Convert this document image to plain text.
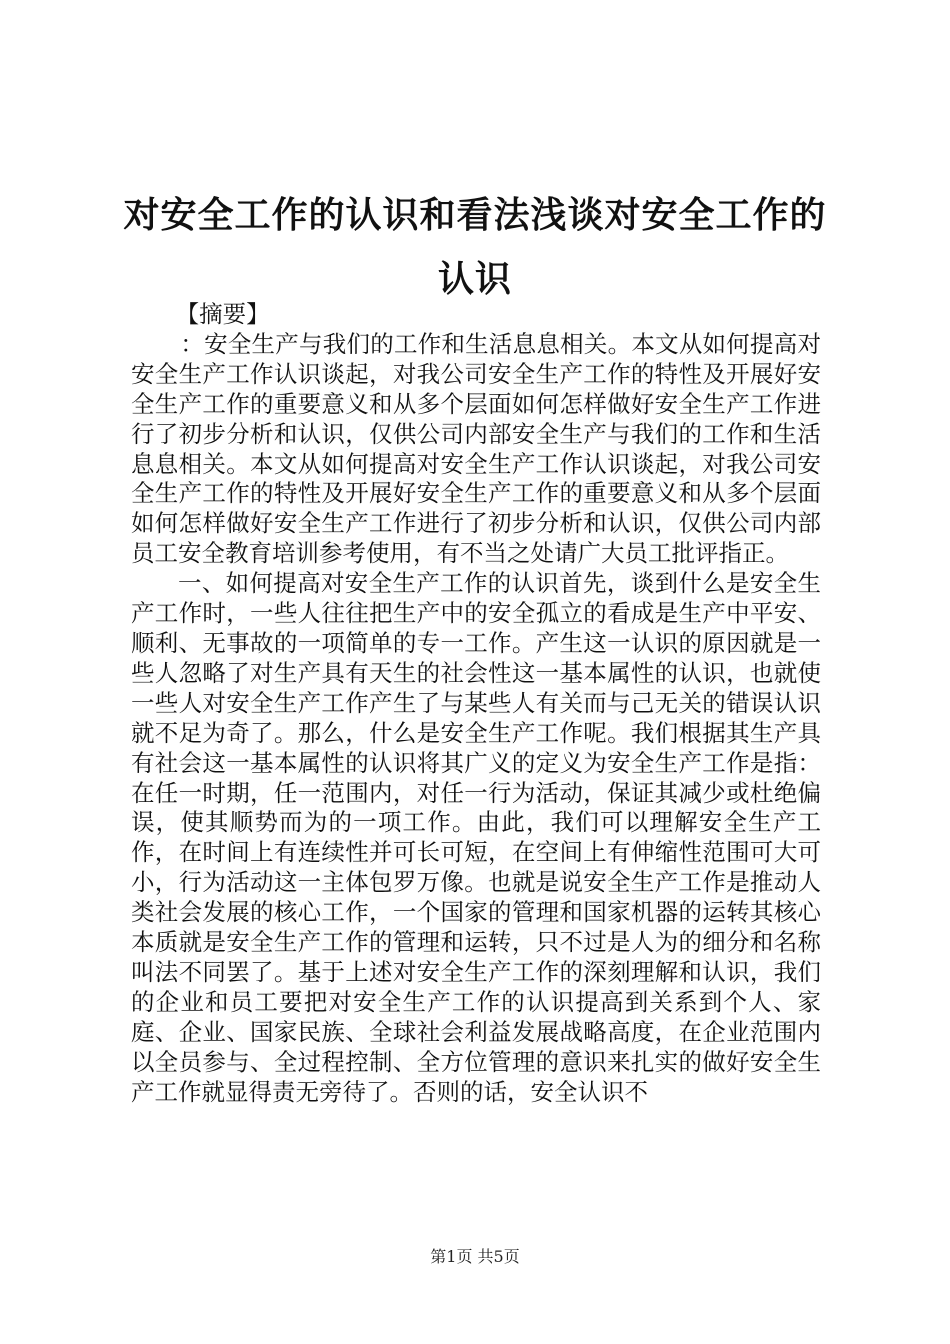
对安全工作的认识和看法浅谈对安全工作的认识

【摘要】

：安全生产与我们的工作和生活息息相关。本文从如何提高对安全生产工作认识谈起，对我公司安全生产工作的特性及开展好安全生产工作的重要意义和从多个层面如何怎样做好安全生产工作进行了初步分析和认识，仅供公司内部安全生产与我们的工作和生活息息相关。本文从如何提高对安全生产工作认识谈起，对我公司安全生产工作的特性及开展好安全生产工作的重要意义和从多个层面如何怎样做好安全生产工作进行了初步分析和认识，仅供公司内部员工安全教育培训参考使用，有不当之处请广大员工批评指正。

一、如何提高对安全生产工作的认识首先，谈到什么是安全生产工作时，一些人往往把生产中的安全孤立的看成是生产中平安、顺利、无事故的一项简单的专一工作。产生这一认识的原因就是一些人忽略了对生产具有天生的社会性这一基本属性的认识，也就使一些人对安全生产工作产生了与某些人有关而与己无关的错误认识就不足为奇了。那么，什么是安全生产工作呢。我们根据其生产具有社会这一基本属性的认识将其广义的定义为安全生产工作是指：在任一时期，任一范围内，对任一行为活动，保证其减少或杜绝偏误，使其顺势而为的一项工作。由此，我们可以理解安全生产工作，在时间上有连续性并可长可短，在空间上有伸缩性范围可大可小，行为活动这一主体包罗万像。也就是说安全生产工作是推动人类社会发展的核心工作，一个国家的管理和国家机器的运转其核心本质就是安全生产工作的管理和运转，只不过是人为的细分和名称叫法不同罢了。基于上述对安全生产工作的深刻理解和认识，我们的企业和员工要把对安全生产工作的认识提高到关系到个人、家庭、企业、国家民族、全球社会利益发展战略高度，在企业范围内以全员参与、全过程控制、全方位管理的意识来扎实的做好安全生产工作就显得责无旁待了。否则的话，安全认识不

第1页 共5页
